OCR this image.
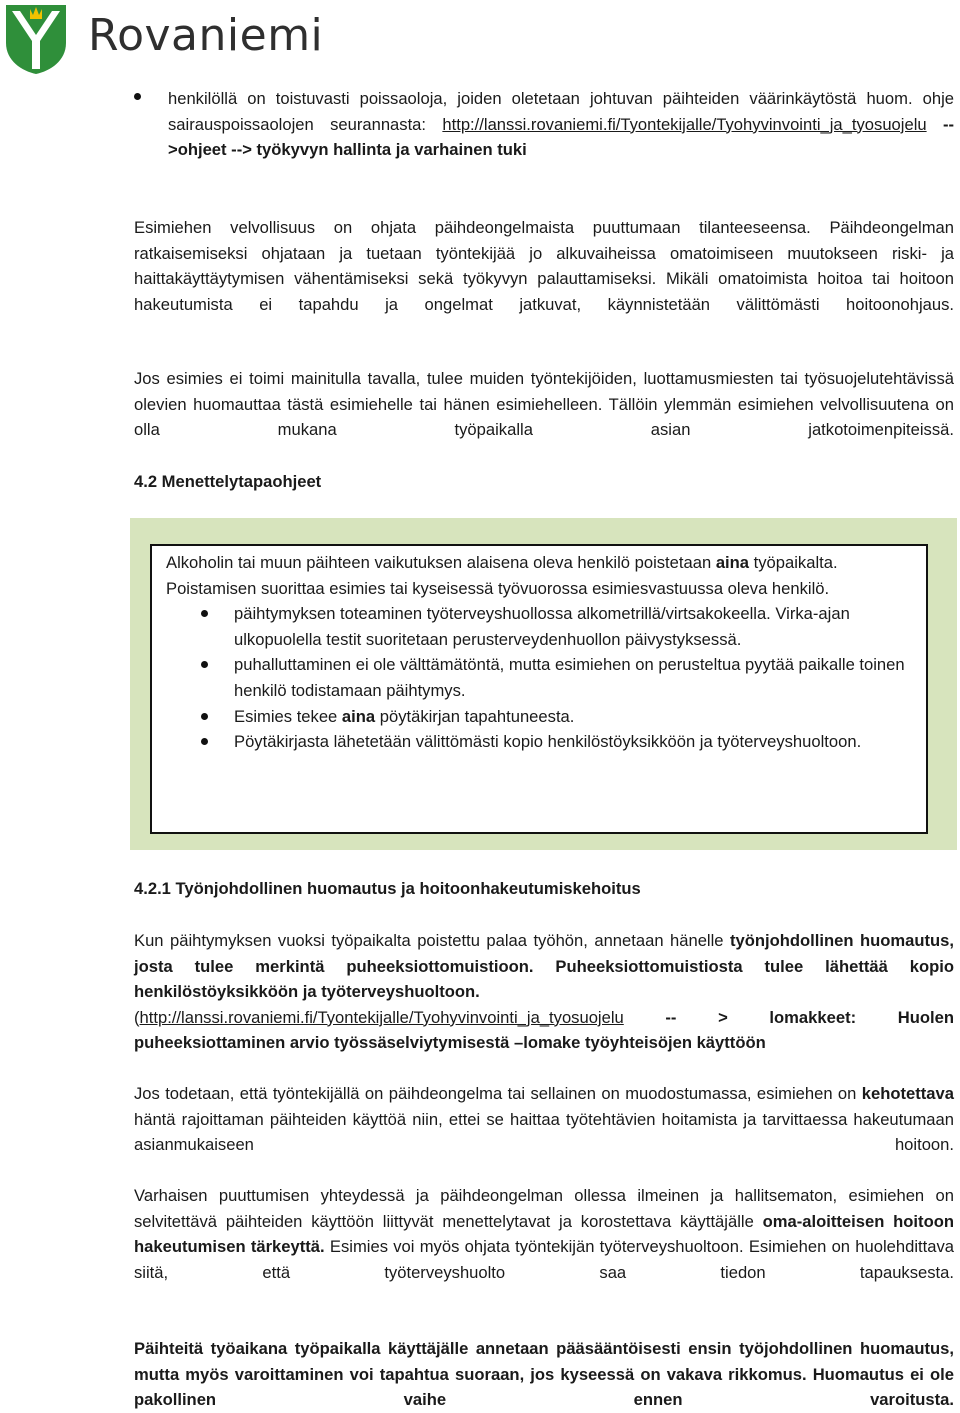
Rovaniemi
henkilöllä on toistuvasti poissaoloja, joiden oletetaan johtuvan päihteiden väärinkäytöstä huom. ohje sairauspoissaolojen seurannasta: http://lanssi.rovaniemi.fi/Tyontekijalle/Tyohyvinvointi_ja_tyosuojelu -->ohjeet --> työkyvyn hallinta ja varhainen tuki

Esimiehen velvollisuus on ohjata päihdeongelmaista puuttumaan tilanteeseensa. Päihdeongelman ratkaisemiseksi ohjataan ja tuetaan työntekijää jo alkuvaiheissa omatoimiseen muutokseen riski- ja haittakäyttäytymisen vähentämiseksi sekä työkyvyn palauttamiseksi. Mikäli omatoimista hoitoa tai hoitoon hakeutumista ei tapahdu ja ongelmat jatkuvat, käynnistetään välittömästi hoitoonohjaus.

Jos esimies ei toimi mainitulla tavalla, tulee muiden työntekijöiden, luottamusmiesten tai työsuojelutehtävissä olevien huomauttaa tästä esimiehelle tai hänen esimiehelleen. Tällöin ylemmän esimiehen velvollisuutena on olla mukana työpaikalla asian jatkotoimenpiteissä.

4.2 Menettelytapaohjeet

Alkoholin tai muun päihteen vaikutuksen alaisena oleva henkilö poistetaan aina työpaikalta. Poistamisen suorittaa esimies tai kyseisessä työvuorossa esimiesvastuussa oleva henkilö.

päihtymyksen toteaminen työterveyshuollossa alkometrillä/virtsakokeella. Virka-ajan ulkopuolella testit suoritetaan perusterveydenhuollon päivystyksessä.
puhalluttaminen ei ole välttämätöntä, mutta esimiehen on perusteltua pyytää paikalle toinen henkilö todistamaan päihtymys.
Esimies tekee aina pöytäkirjan tapahtuneesta.
Pöytäkirjasta lähetetään välittömästi kopio henkilöstöyksikköön ja työterveyshuoltoon.
4.2.1 Työnjohdollinen huomautus ja hoitoonhakeutumiskehoitus

Kun päihtymyksen vuoksi työpaikalta poistettu palaa työhön, annetaan hänelle työnjohdollinen huomautus, josta tulee merkintä puheeksiottomuistioon. Puheeksiottomuistiosta tulee lähettää kopio henkilöstöyksikköön ja työterveyshuoltoon.
(http://lanssi.rovaniemi.fi/Tyontekijalle/Tyohyvinvointi_ja_tyosuojelu -- > lomakkeet: Huolen puheeksiottaminen arvio työssäselviytymisestä –lomake työyhteisöjen käyttöön

Jos todetaan, että työntekijällä on päihdeongelma tai sellainen on muodostumassa, esimiehen on kehotettava häntä rajoittaman päihteiden käyttöä niin, ettei se haittaa työtehtävien hoitamista ja tarvittaessa hakeutumaan asianmukaiseen hoitoon.

Varhaisen puuttumisen yhteydessä ja päihdeongelman ollessa ilmeinen ja hallitsematon, esimiehen on selvitettävä päihteiden käyttöön liittyvät menettelytavat ja korostettava käyttäjälle oma-aloitteisen hoitoon hakeutumisen tärkeyttä. Esimies voi myös ohjata työntekijän työterveyshuoltoon. Esimiehen on huolehdittava siitä, että työterveyshuolto saa tiedon tapauksesta.

Päihteitä työaikana työpaikalla käyttäjälle annetaan pääsääntöisesti ensin työjohdollinen huomautus, mutta myös varoittaminen voi tapahtua suoraan, jos kyseessä on vakava rikkomus. Huomautus ei ole pakollinen vaihe ennen varoitusta.
